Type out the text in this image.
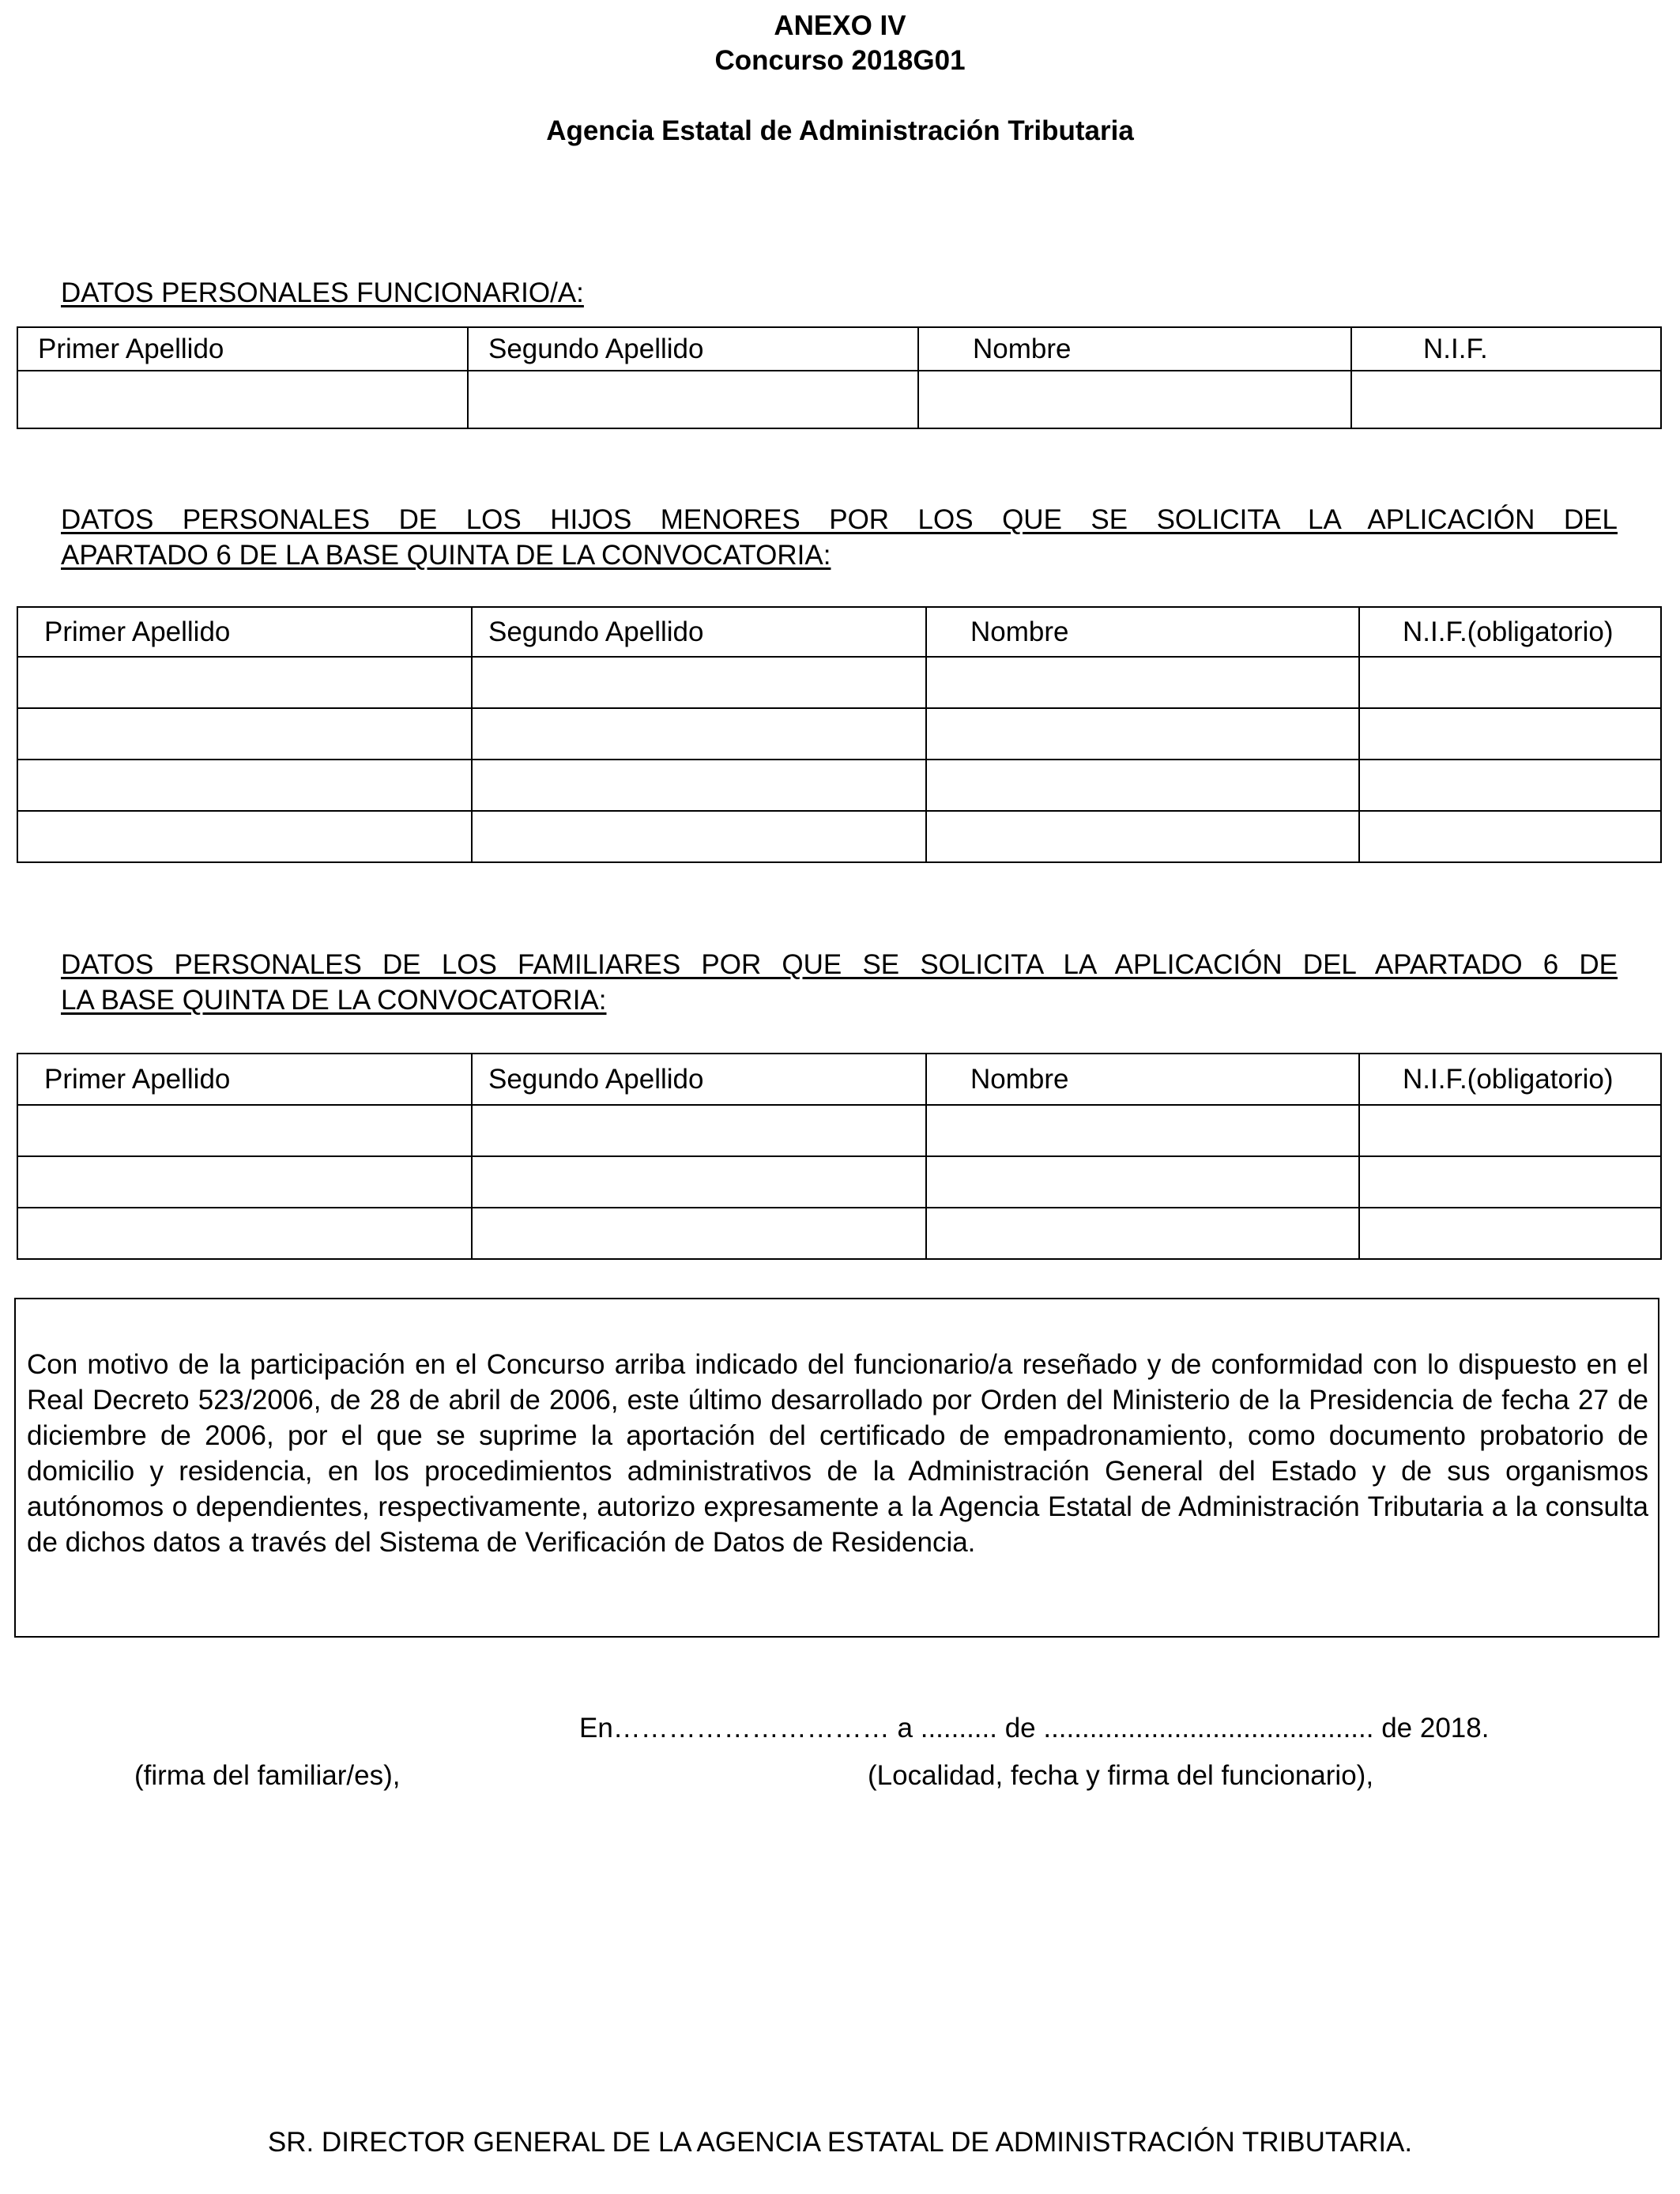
ANEXO IV
Concurso 2018G01
Agencia Estatal de Administración Tributaria
DATOS PERSONALES FUNCIONARIO/A:
Primer Apellido	Segundo Apellido	Nombre	N.I.F.

DATOS PERSONALES DE LOS HIJOS MENORES POR LOS QUE SE SOLICITA LA APLICACIÓN DEL
APARTADO 6 DE LA BASE QUINTA DE LA CONVOCATORIA:
Primer Apellido	Segundo Apellido	Nombre	N.I.F.(obligatorio)

DATOS PERSONALES DE LOS FAMILIARES POR QUE SE SOLICITA LA APLICACIÓN DEL APARTADO 6 DE
LA BASE QUINTA DE LA CONVOCATORIA:
Primer Apellido	Segundo Apellido	Nombre	N.I.F.(obligatorio)

Con motivo de la participación en el Concurso arriba indicado del funcionario/a reseñado y de conformidad con lo dispuesto en el Real Decreto 523/2006, de 28 de abril de 2006, este último desarrollado por Orden del Ministerio de la Presidencia de fecha 27 de diciembre de 2006, por el que se suprime la aportación del certificado de empadronamiento, como documento probatorio de domicilio y residencia, en los procedimientos administrativos de la Administración General del Estado y de sus organismos autónomos o dependientes, respectivamente, autorizo expresamente a la Agencia Estatal de Administración Tributaria a la consulta de dichos datos a través del Sistema de Verificación de Datos de Residencia.
En………………………… a .......... de ........................................... de 2018.
(firma del familiar/es),	(Localidad, fecha y firma del funcionario),
SR. DIRECTOR GENERAL DE LA AGENCIA ESTATAL DE ADMINISTRACIÓN TRIBUTARIA.
